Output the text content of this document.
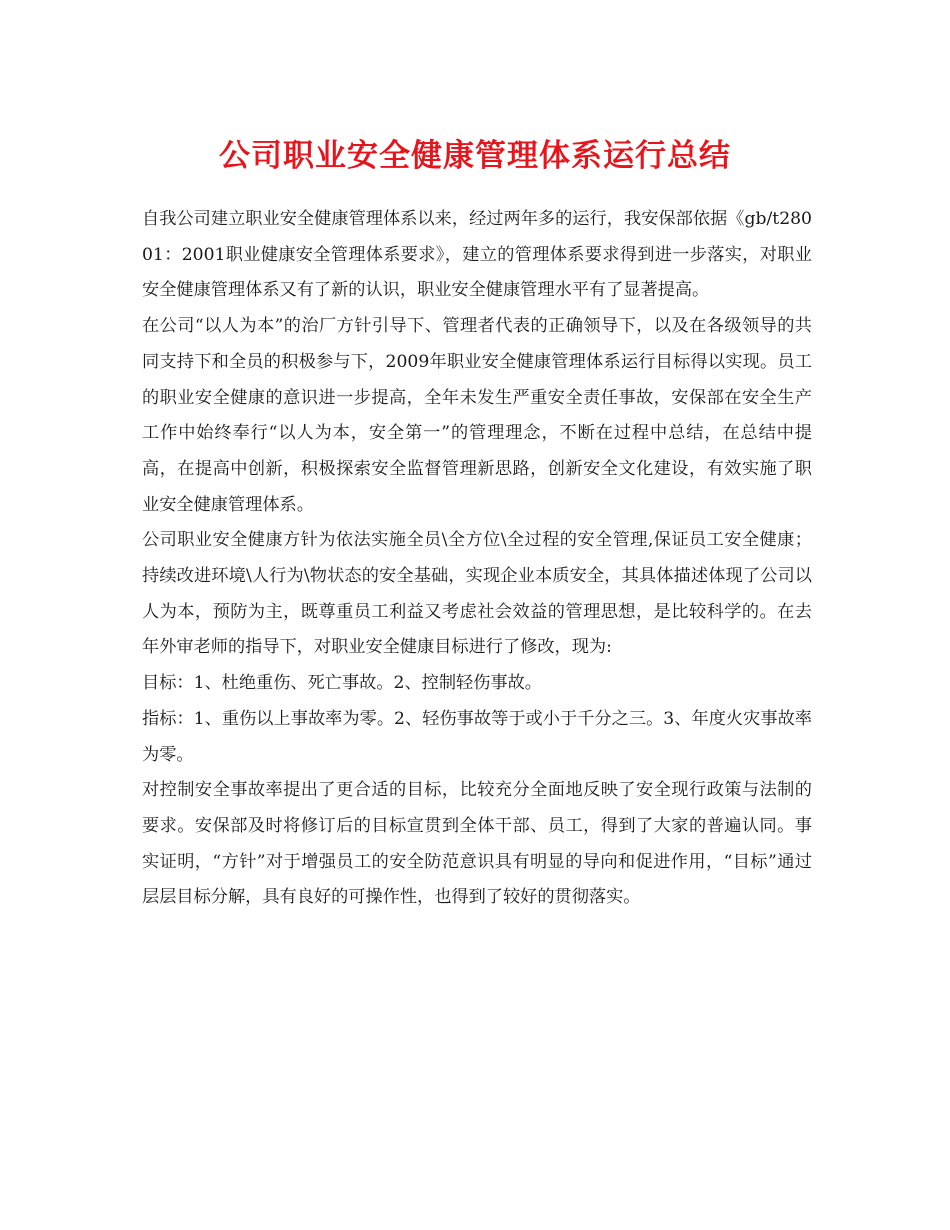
公司职业安全健康管理体系运行总结

自我公司建立职业安全健康管理体系以来，经过两年多的运行，我安保部依据《gb/t28001：2001职业健康安全管理体系要求》，建立的管理体系要求得到进一步落实，对职业安全健康管理体系又有了新的认识，职业安全健康管理水平有了显著提高。

在公司“以人为本”的治厂方针引导下、管理者代表的正确领导下，以及在各级领导的共同支持下和全员的积极参与下，2009年职业安全健康管理体系运行目标得以实现。员工的职业安全健康的意识进一步提高，全年未发生严重安全责任事故，安保部在安全生产工作中始终奉行“以人为本，安全第一”的管理理念，不断在过程中总结，在总结中提高，在提高中创新，积极探索安全监督管理新思路，创新安全文化建设，有效实施了职业安全健康管理体系。

公司职业安全健康方针为依法实施全员\全方位\全过程的安全管理,保证员工安全健康；持续改进环境\人行为\物状态的安全基础，实现企业本质安全，其具体描述体现了公司以人为本，预防为主，既尊重员工利益又考虑社会效益的管理思想，是比较科学的。在去年外审老师的指导下，对职业安全健康目标进行了修改，现为:

目标：1、杜绝重伤、死亡事故。2、控制轻伤事故。

指标：1、重伤以上事故率为零。2、轻伤事故等于或小于千分之三。3、年度火灾事故率为零。

对控制安全事故率提出了更合适的目标，比较充分全面地反映了安全现行政策与法制的要求。安保部及时将修订后的目标宣贯到全体干部、员工，得到了大家的普遍认同。事实证明，“方针”对于增强员工的安全防范意识具有明显的导向和促进作用，“目标”通过层层目标分解，具有良好的可操作性，也得到了较好的贯彻落实。
